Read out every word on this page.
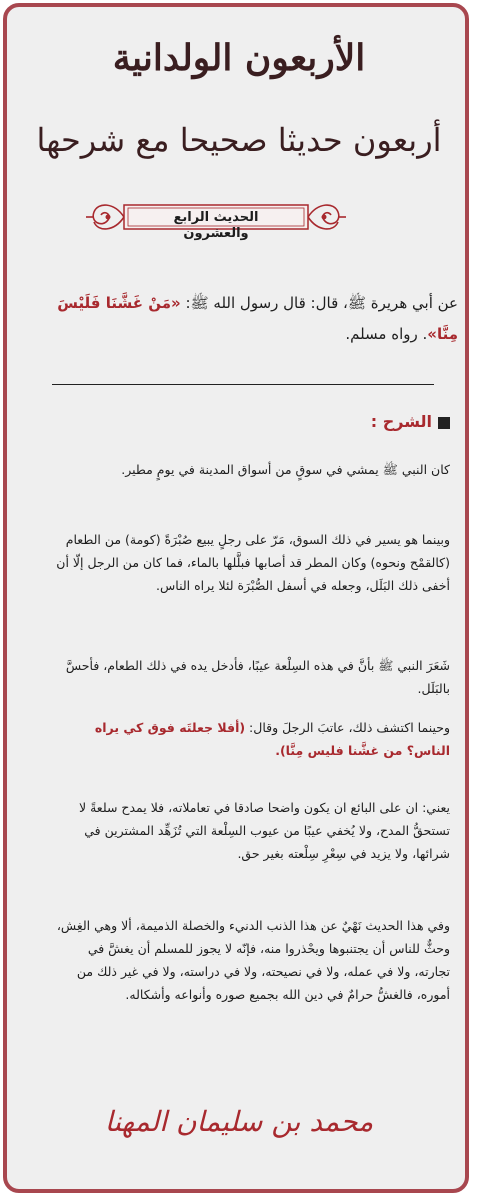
الأربعون الولدانية
أربعون حديثا صحيحا مع شرحها
الحديث الرابع والعشرون
عن أبي هريرة ﷺ، قال: قال رسول الله ﷺ: «مَنْ غَشَّنَا فَلَيْسَ مِنَّا». رواه مسلم.
الشرح :
كان النبي ﷺ يمشي في سوقٍ من أسواق المدينة في يومٍ مطير.
وبينما هو يسير في ذلك السوق، مَرّ على رجلٍ يبيع صُبْرَةً (كومة) من الطعام (كالقمْح ونحوه) وكان المطر قد أصابها فبلَّلها بالماء، فما كان من الرجل إلّا أن أخفى ذلك البَلَل، وجعله في أسفل الصُّبْرَة لئلا يراه الناس.
شَعَرَ النبي ﷺ بأنَّ في هذه السِلْعة عيبًا، فأدخل يده في ذلك الطعام، فأحسَّ بالبَلَل.
وحينما اكتشف ذلك، عاتبَ الرجلَ وقال: (أفلا جعلتَه فوق كي يراه الناس؟ من غشَّنا فليس مِنَّا).
يعني: ان على البائع ان يكون واضحا صادقا في تعاملاته، فلا يمدح سلعةً لا تستحقُّ المدح، ولا يُخفي عيبًا من عيوب السِلْعة التي تُزَهِّد المشترين في شرائها، ولا يزيد في سِعْرِ سِلْعته بغير حق.
وفي هذا الحديث نَهْيٌ عن هذا الذنب الدنيء والخصلة الذميمة، ألا وهي الغِش، وحثٌّ للناس أن يجتنبوها ويحْذروا منه، فإنّه لا يجوز للمسلم أن يغشَّ في تجارته، ولا في عمله، ولا في نصيحته، ولا في دراسته، ولا في غير ذلك من أموره، فالغشُّ حرامٌ في دين الله بجميع صوره وأنواعه وأشكاله.
محمد بن سليمان المهنا
